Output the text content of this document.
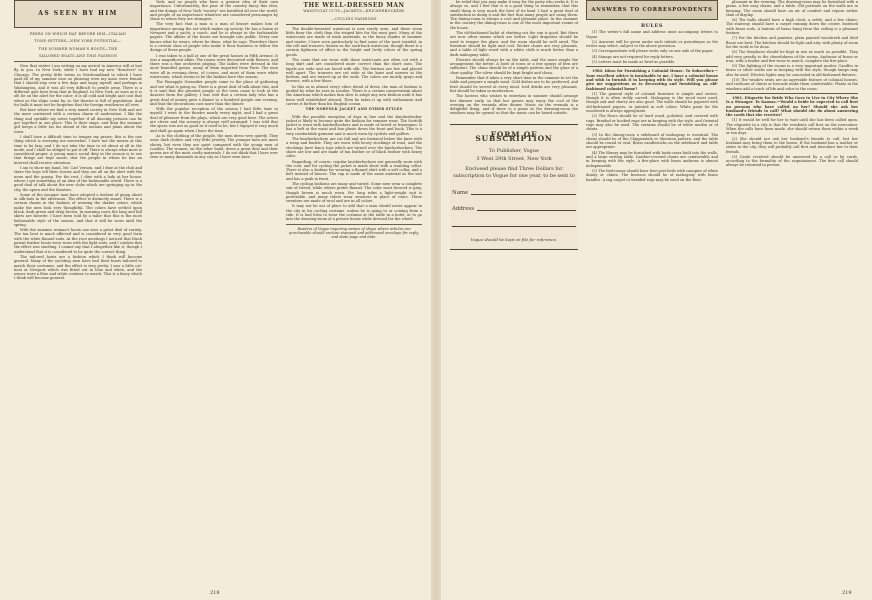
AS SEEN BY HIM
PEERS ON WHICH HAT BEFORE HIM—ITALIAN
TONE-SETTERS—NEW YORK POTENTIAL—
THE SUMMER WOMAN'S BOOTS—THE
TAILORED BOATS AND THIS FASHION

Now that winter I am writing on my arrival in America will at last fly to you. In New York, while I have had my new "dissolves" to Chicago. The pretty little towns in Newfoundland to which I have paid all of my summer ease as pleasing even my mass were female that I should stay over a few days and enjoy myself, and perhaps in Washington, and it was all very difficult to gentle away. There is a different gale here from that in England. In New York, as soon as it is off, be on the alert for the color; it is all cold and bright and cool that when as the ships come by, so the theatre is full of population. And for balls it must not be forgotten that the foreign residences all over.

But here where we find a very mixed society in New York and are the more contented with a certain charm of moderation. I like the thing and sprinkle my notes together if all dancing persons can be got together in one place. This is their stage, and then the summer girl keeps a little too far ahead of the notions and plans about the town.

I shall have a difficult time to temper my praise; this is the one thing which is worrying me somewhat. I have not the means at this time to be lazy, and I do not take the time to sit about at all in the mode, and I shall be obliged to put it off. There is always what most is considered proper. A young man's social duty in the season is to see that things are kept smart, that the people in whom he has an interest shall receive attention.

I am to show my hand, Mr. Carl Vernon, and I dine at the club and there the boys tell their stories and they are all on the alert with the news and the gossip. For the rest, I dine with a lady at her house, where I get something of an idea of the fashionable world. There is a good deal of talk about the new clubs which are springing up in the city, the opera and the theatres.

Some of the younger men have adopted a fashion of going about in silk hats in the afternoon. The effect is distinctly smart. There is a certain charm in the fashion of wearing the darker colors, which make the men look very thoughtful. The colors have settled upon black, dark green and deep brown. In morning coats the long and full skirts are favorite. I have been told by a tailor that this is the most fashionable style of the season, and that it will be worn until the spring.

With the summer woman's boots one sees a great deal of variety. The tan boot is much affected and is considered in very good form with the white flannel suits. At the race meetings I noticed that black patent leather boots were worn with the light suits, and I confess that the effect was startling. I cannot say that I altogether like it, though I understand that it is considered to be quite the correct thing.

The tailored boats are a fashion which I think will become general. Many of the yachting men have had their boats tailored to match their costumes, and the effect is very pretty. I saw a little cat-boat at Newport which was fitted out in blue and white, and the owner wore a blue and white costume to match. This is a fancy which I think will become general.

York, and no people who have a greater idea of their own importance. Unfortunately, the poor of the country fancy this idea, and the doings of New York "society" are heralded all over the world, and people of no importance whatever are considered personages by those to whom they are strangers.

The very fact that a man is a man of leisure makes him of importance among the set which makes up society. He has a house at Newport and a yacht, a coach, and he is always in the fashionable papers. The affairs of the house are brought into public. Every one knows what he wears, where he dines, what he says. Therefore there is a certain class of people who make it their business to follow the doings of these people.

I was taken to a ball at one of the great houses in Fifth Avenue. It was a magnificent affair. The rooms were decorated with flowers, and there was a fine orchestra playing. The ladies were dressed in the most beautiful gowns, many of them imported from Paris. The men were all in evening dress, of course, and most of them wore white waistcoats, which seems to be the fashion here this season.

The Pineapple Grenadier people come to the place of gathering and see what is going on. There is a great deal of talk about this, and it is said that the greatest people in the town come to look at the dancers from the gallery. I was told that a certain lady who has a great deal of money gave a dinner to a hundred people one evening, and that the decorations cost more than the dinner.

With the popular reception of the season I had little time to myself. I went to the theatre nearly every night, and I had a great deal of pleasure from the plays, which are very good here. The actors are clever and the scenery is always well arranged. I was told that the opera was not as good as it used to be, but I enjoyed it very much and shall go again when I have the time.

As to the clothing of the people, the men dress very quietly. They wear dark clothes and very little jewelry. The younger men are more showy, but even they are quiet compared with the young men of London. The women, on the other hand, dress a great deal and their gowns are of the most costly materials. I do not think that I have ever seen so many diamonds in any city as I have seen here.

THE WELL-DRESSED MAN
WAISTCOAT CUTS—JACKETS—KNICKERBOCKERS
—CYCLING FASHIONS

The double-breasted waistcoat is now rarely seen, and these seem little finer the cloth than the striped bits for the most part. Many of the waistcoats are made of wash materials, in the fancy shades of summer and winter. I have seen particularly to find some of the most tasteful, in the cell and trousers, known as the sack-back waistcoat, though there is a certain lightness of effect in the bright and lively colors of the spring goods.

The coats that are worn with these waistcoats are often cut with a long skirt and are considered more correct than the short ones. The lapels are wide and are faced with silk. The buttons are few and placed well apart. The trousers are cut wide at the knee and narrow at the bottom, and are turned up at the ends. The colors are mostly grays and browns, with a few blues.

In this as in almost every other detail of dress, the man of fashion is guided by what he sees in London. There is a certain conservatism about the American which makes him slow to adopt any new fashion until it has been well established abroad. Then he takes it up with enthusiasm and carries it further than his English cousin.

THE NORFOLK JACKET AND OTHER STYLES

With the possible exception of days in line and the Knickerbocker jacket is likely to become quite the fashion for summer wear. The Norfolk jacket is worn with knickerbockers and is made of tweed or homespun. It has a belt at the waist and box pleats down the front and back. This is a very comfortable garment and is much worn by cyclists and golfers.

The knickerbockers are cut full and are fastened below the knee with a strap and buckle. They are worn with heavy stockings of wool, and the stockings have fancy tops which are turned over the knickerbockers. The shoes are low and are made of tan leather or of black leather with heavy soles.

Regarding, of course, regular knickerbockers are generally worn with the coat, and for cycling the jacket is made short with a standing collar. There is also a fashion for wearing a flannel shirt with a soft collar, and a belt instead of braces. The cap is made of the same material as the suit and has a peak in front.

The cycling fashions are many and varied. Some men wear a complete suit of tweed, while others prefer flannel. The color most favored is gray, though brown is much worn. For long rides a light-weight suit is preferable, and many riders wear sweaters in place of coats. These sweaters are made of wool and are in all colors.

It may not be out of place to add that a man should never appear in the city in his cycling costume, unless he is going to or coming from a ride. It is bad form to wear the costume at the table in a hotel, or to go into the drawing-room of a private house while dressed for the wheel.

Readers of Vogue inquiring names of shops where articles are purchasable should enclose stamped and addressed envelope for reply, and state page and date.

218

be relief that you may make it easy for the party who seeks it. It is always so, and I feel that it is a good thing to remember, that this small thing is very much the best of its kind. I had a great deal of satisfaction in doing it and the fact that many people are using them. The dining-room is always a cool and pleasant place. In the summer in the country the dining-room is one of the most important rooms of the house.

The old-fashioned habit of shutting out the sun is good. But there are now other means which are better. Light draperies should be used to temper the glare, and the room should be well aired. The furniture should be light and cool. Wicker chairs are very pleasant, and a table of light wood with a white cloth is much better than a dark mahogany table.

Flowers should always be on the table, and the more simple the arrangement the better. A bowl of roses or a few sprays of fern are sufficient. The china should be of a simple pattern and the glass of a clear quality. The silver should be kept bright and clean.

Remember that it takes a very short time in the summer to set the table and prepare a simple meal. Cold dishes are to be preferred, and fruit should be served at every meal. Iced drinks are very pleasant, but should be taken in moderation.

The hostess who wishes to entertain in summer should arrange her dinners early, so that her guests may enjoy the cool of the evening on the veranda after dinner. Music on the veranda is a delightful thing, and if there is a piano in the drawing-room the windows may be opened so that the music can be heard outside.

FORM OF SUBSCRIPTION
To Publisher, Vogue
3 West 29th Street, New York
Enclosed please find Three Dollars for subscription to Vogue for one year, to be sent to
Name
Address
Vogue should be kept on file for reference.
ANSWERS TO CORRESPONDENTS
RULES

(1) The writer's full name and address must accompany letters to Vogue.

(2) Answers will be given under such initials or pseudonym as the writer may select, subject to the above provision.

(3) Correspondents will please write only on one side of the paper.

(4) Stamps are not required for reply letters.

(5) Letters must be made as brief as possible.

1980. Ideas for Furnishing a Colonial House. To Subscriber.—Your excellent advice is invaluable to me. I have a colonial house and wish to furnish it in keeping with its style. Will you please give me suggestions as to decorating and furnishing an old-fashioned colonial home?

(1) The general style of colonial furniture is simple and severe, though it is often richly carved. Mahogany is the wood most used, though oak and cherry are also good. The walls should be papered with old-fashioned papers, or painted in soft colors. White paint for the woodwork is always appropriate.

(2) The floors should be of hard wood, polished, and covered with rugs. Braided or hooked rugs are in keeping with the style, and Oriental rugs may also be used. The curtains should be of white muslin or of chintz.

(3) In the dining-room a sideboard of mahogany is essential. The chairs should be of the Chippendale or Sheraton pattern, and the table should be round or oval. Brass candlesticks on the sideboard and table are appropriate.

(4) The library may be furnished with book-cases built into the walls, and a large writing table. Leather-covered chairs are comfortable and in keeping with the style. A fire-place with brass andirons is almost indispensable.

(5) The bed-rooms should have four-post beds with canopies of white dimity or chintz. The bureaus should be of mahogany with brass handles. A rag carpet or braided rugs may be used on the floor.

pleasant in the evening. The drawing-room may be furnished with a piano, a few easy chairs, and a table. Old portraits on the walls are in keeping. The room should have an air of comfort and repose rather than of display.

(6) The halls should have a high clock, a settle, and a few chairs. The stairway should have a carpet running down the center, fastened with brass rods. A lantern of brass hung from the ceiling is a pleasant feature.

(7) For the kitchen and pantries, plain painted woodwork and tiled floors are best. The kitchen should be light and airy, with plenty of room for the work to be done.

(8) The fireplaces should be kept in use as much as possible. They add very greatly to the cheerfulness of the rooms. Andirons of brass or iron, with a fender and fire-irons to match, complete the fire-place.

(9) The lighting of the rooms is a very important matter. Candles in brass or silver sticks are in keeping with the style, though lamps may also be used. Electric lights may be concealed in old-fashioned fixtures.

(10) The window seats are an agreeable feature of colonial houses, and cushions of chintz or brocade make them comfortable. Plants in the windows add a touch of life and color to the room.

1981. Etiquette for Bride Who Goes to Live in City Where She Is a Stranger. To Kansas.—Would a bride be expected to call first on persons who have called on her? Should she ask her husband's friends to call? What should she do about answering the cards that she receives?

(1) It would be well for her to wait until she has been called upon. The etiquette in a city is that the residents call first on the newcomer. When the calls have been made, she should return them within a week or ten days.

(2) She should not ask her husband's friends to call, but her husband may bring them to the house. If the husband has a mother or sister in the city, they will probably call first and introduce her to their friends.

(3) Cards received should be answered by a call or by cards, according to the formality of the acquaintance. The first call should always be returned in person.

219
